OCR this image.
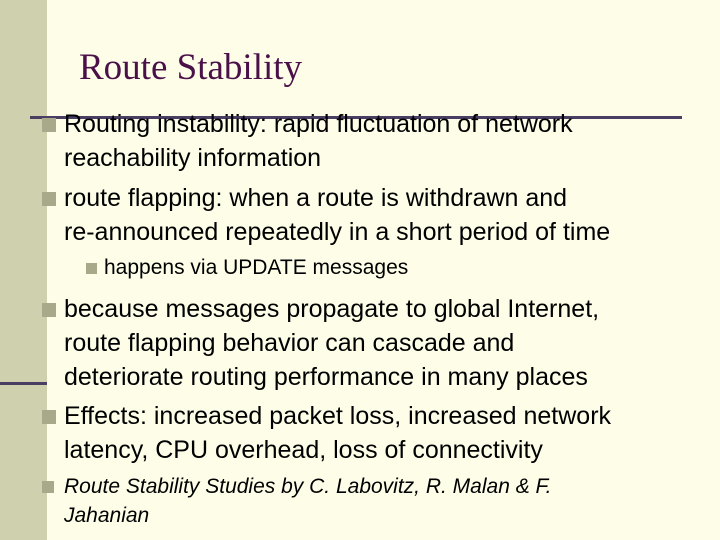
Route Stability
Routing instability: rapid fluctuation of network
reachability information
route flapping: when a route is withdrawn and
re-announced repeatedly in a short period of time
happens via UPDATE messages
because messages propagate to global Internet,
route flapping behavior can cascade and
deteriorate routing performance in many places
Effects: increased packet loss, increased network
latency, CPU overhead, loss of connectivity
Route Stability Studies by C. Labovitz, R. Malan & F.
Jahanian
